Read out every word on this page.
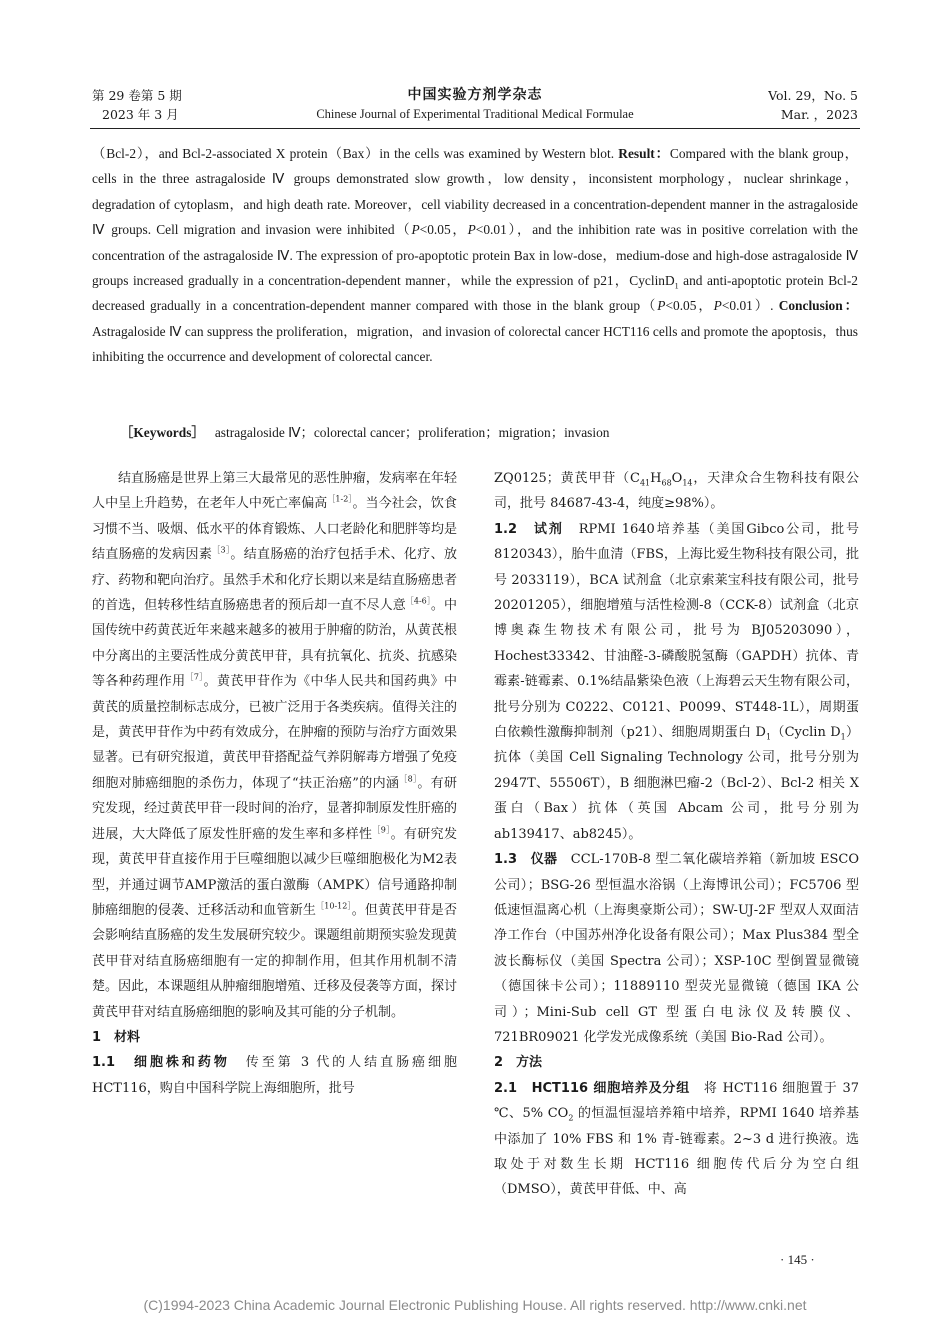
第 29 卷第 5 期
2023 年 3 月
中国实验方剂学杂志
Chinese Journal of Experimental Traditional Medical Formulae
Vol. 29，No. 5
Mar. ，2023
（Bcl-2），and Bcl-2-associated X protein（Bax）in the cells was examined by Western blot. Result：Compared with the blank group，cells in the three astragaloside Ⅳ groups demonstrated slow growth，low density，inconsistent morphology，nuclear shrinkage，degradation of cytoplasm，and high death rate. Moreover，cell viability decreased in a concentration-dependent manner in the astragaloside Ⅳ groups. Cell migration and invasion were inhibited（P<0.05，P<0.01），and the inhibition rate was in positive correlation with the concentration of the astragaloside Ⅳ. The expression of pro-apoptotic protein Bax in low-dose，medium-dose and high-dose astragaloside Ⅳ groups increased gradually in a concentration-dependent manner，while the expression of p21，CyclinD$_1$ and anti-apoptotic protein Bcl-2 decreased gradually in a concentration-dependent manner compared with those in the blank group（P<0.05，P<0.01）. Conclusion：Astragaloside Ⅳ can suppress the proliferation，migration，and invasion of colorectal cancer HCT116 cells and promote the apoptosis，thus inhibiting the occurrence and development of colorectal cancer.
［Keywords］ astragaloside Ⅳ；colorectal cancer；proliferation；migration；invasion

结直肠癌是世界上第三大最常见的恶性肿瘤，发病率在年轻人中呈上升趋势，在老年人中死亡率偏高$^{[1-2]}$。当今社会，饮食习惯不当、吸烟、低水平的体育锻炼、人口老龄化和肥胖等均是结直肠癌的发病因素$^{[3]}$。结直肠癌的治疗包括手术、化疗、放疗、药物和靶向治疗。虽然手术和化疗长期以来是结直肠癌患者的首选，但转移性结直肠癌患者的预后却一直不尽人意$^{[4-6]}$。中国传统中药黄芪近年来越来越多的被用于肿瘤的防治，从黄芪根中分离出的主要活性成分黄芪甲苷，具有抗氧化、抗炎、抗感染等各种药理作用$^{[7]}$。黄芪甲苷作为《中华人民共和国药典》中黄芪的质量控制标志成分，已被广泛用于各类疾病。值得关注的是，黄芪甲苷作为中药有效成分，在肿瘤的预防与治疗方面效果显著。已有研究报道，黄芪甲苷搭配益气养阴解毒方增强了免疫细胞对肺癌细胞的杀伤力，体现了“扶正治癌”的内涵$^{[8]}$。有研究发现，经过黄芪甲苷一段时间的治疗，显著抑制原发性肝癌的进展，大大降低了原发性肝癌的发生率和多样性$^{[9]}$。有研究发现，黄芪甲苷直接作用于巨噬细胞以减少巨噬细胞极化为M2表型，并通过调节AMP激活的蛋白激酶（AMPK）信号通路抑制肺癌细胞的侵袭、迁移活动和血管新生$^{[10-12]}$。但黄芪甲苷是否会影响结直肠癌的发生发展研究较少。课题组前期预实验发现黄芪甲苷对结直肠癌细胞有一定的抑制作用，但其作用机制不清楚。因此，本课题组从肿瘤细胞增殖、迁移及侵袭等方面，探讨黄芪甲苷对结直肠癌细胞的影响及其可能的分子机制。

1　材料

1.1　细胞株和药物　传至第 3 代的人结直肠癌细胞 HCT116，购自中国科学院上海细胞所，批号

ZQ0125；黄芪甲苷（$C_{41}H_{68}O_{14}$，天津众合生物科技有限公司，批号 84687-43-4，纯度≥98%）。

1.2　试剂　RPMI 1640培养基（美国Gibco公司，批号 8120343），胎牛血清（FBS，上海比爱生物科技有限公司，批号 2033119），BCA 试剂盒（北京索莱宝科技有限公司，批号 20201205），细胞增殖与活性检测-8（CCK-8）试剂盒（北京博奥森生物技术有限公司，批号为 BJ05203090），Hochest33342、甘油醛-3-磷酸脱氢酶（GAPDH）抗体、青霉素-链霉素、0.1%结晶紫染色液（上海碧云天生物有限公司，批号分别为 C0222、C0121、P0099、ST448-1L），周期蛋白依赖性激酶抑制剂（p21）、细胞周期蛋白 $D_1(Cyclin$ $D_1$）抗体（美国 Cell Signaling Technology 公司，批号分别为 2947T、55506T），B 细胞淋巴瘤-2（Bcl-2）、Bcl-2 相关 X 蛋白（Bax）抗体（英国 Abcam 公司，批号分别为 ab139417、ab8245）。

1.3　仪器　CCL-170B-8 型二氧化碳培养箱（新加坡 ESCO 公司）；BSG-26 型恒温水浴锅（上海博讯公司）；FC5706 型低速恒温离心机（上海奥豪斯公司）；SW-UJ-2F 型双人双面洁净工作台（中国苏州净化设备有限公司）；Max Plus384 型全波长酶标仪（美国 Spectra 公司）；XSP-10C 型倒置显微镜（德国徕卡公司）；11889110 型荧光显微镜（德国 IKA 公司）；Mini-Sub cell GT 型蛋白电泳仪及转膜仪、721BR09021 化学发光成像系统（美国 Bio-Rad 公司）。

2　方法

2.1　HCT116 细胞培养及分组　将 HCT116 细胞置于 37 ℃、5% $CO_2$ 的恒温恒湿培养箱中培养，RPMI 1640 培养基中添加了 10% FBS 和 1% 青-链霉素。2~3 d 进行换液。选取处于对数生长期 HCT116 细胞传代后分为空白组（DMSO），黄芪甲苷低、中、高

· 145 ·
(C)1994-2023 China Academic Journal Electronic Publishing House. All rights reserved. http://www.cnki.net
